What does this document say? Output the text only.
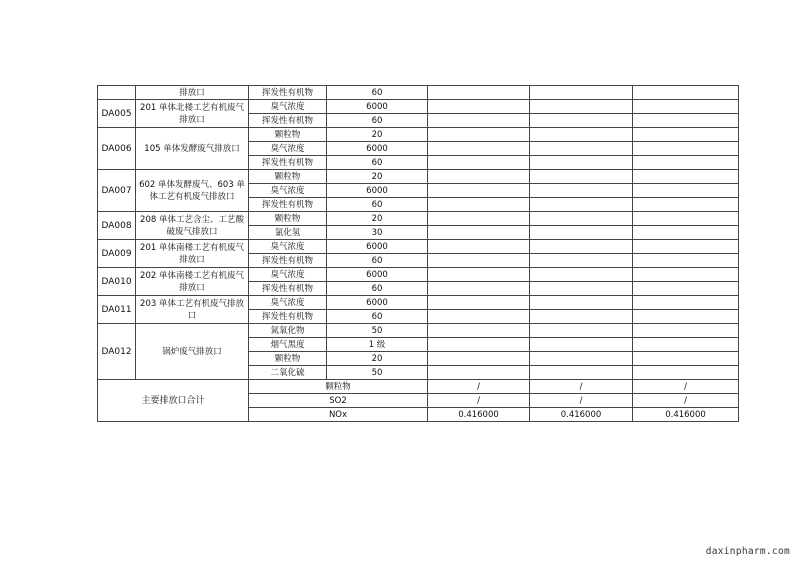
	排放口	挥发性有机物	60			
DA005	201 单体北楼工艺有机废气排放口	臭气浓度	6000			
		挥发性有机物	60			
DA006	105 单体发酵废气排放口	颗粒物	20			
		臭气浓度	6000			
		挥发性有机物	60			
DA007	602 单体发酵废气、603 单体工艺有机废气排放口	颗粒物	20			
		臭气浓度	6000			
		挥发性有机物	60			
DA008	208 单体工艺含尘、工艺酸破废气排放口	颗粒物	20			
		氯化氢	30			
DA009	201 单体南楼工艺有机废气排放口	臭气浓度	6000			
		挥发性有机物	60			
DA010	202 单体南楼工艺有机废气排放口	臭气浓度	6000			
		挥发性有机物	60			
DA011	203 单体工艺有机废气排放口	臭气浓度	6000			
		挥发性有机物	60			
DA012	锅炉废气排放口	氮氧化物	50			
		烟气黑度	1 级			
		颗粒物	20			
		二氧化硫	50			
主要排放口合计		颗粒物		/	/	/
		SO2		/	/	/
		NOx		0.416000	0.416000	0.416000
daxinpharm.com
